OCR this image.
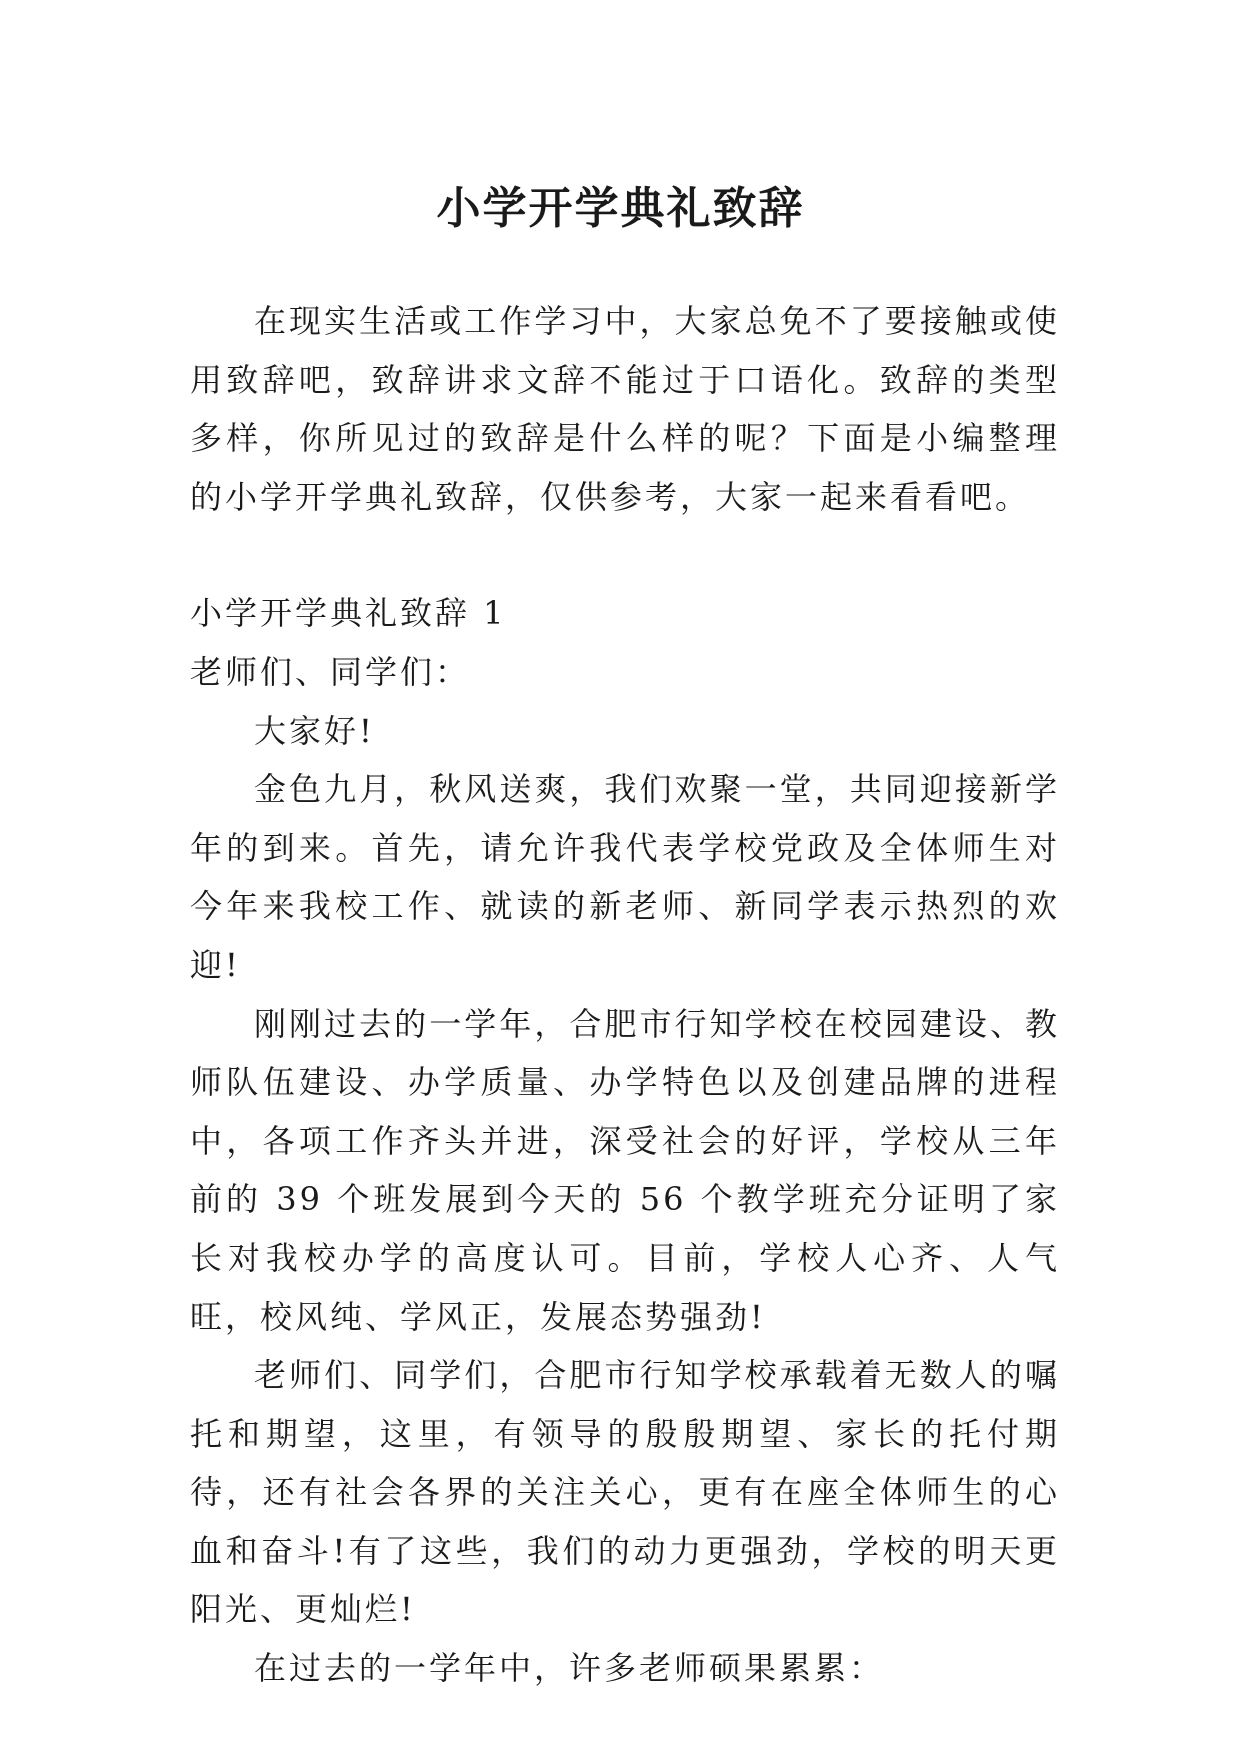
小学开学典礼致辞

在现实生活或工作学习中，大家总免不了要接触或使用致辞吧，致辞讲求文辞不能过于口语化。致辞的类型多样，你所见过的致辞是什么样的呢？下面是小编整理的小学开学典礼致辞，仅供参考，大家一起来看看吧。

小学开学典礼致辞 1

老师们、同学们：

大家好!

金色九月，秋风送爽，我们欢聚一堂，共同迎接新学年的到来。首先，请允许我代表学校党政及全体师生对今年来我校工作、就读的新老师、新同学表示热烈的欢迎!

刚刚过去的一学年，合肥市行知学校在校园建设、教师队伍建设、办学质量、办学特色以及创建品牌的进程中，各项工作齐头并进，深受社会的好评，学校从三年前的 39 个班发展到今天的 56 个教学班充分证明了家长对我校办学的高度认可。目前，学校人心齐、人气旺，校风纯、学风正，发展态势强劲!

老师们、同学们，合肥市行知学校承载着无数人的嘱托和期望，这里，有领导的殷殷期望、家长的托付期待，还有社会各界的关注关心，更有在座全体师生的心血和奋斗!有了这些，我们的动力更强劲，学校的明天更阳光、更灿烂!

在过去的一学年中，许多老师硕果累累：
